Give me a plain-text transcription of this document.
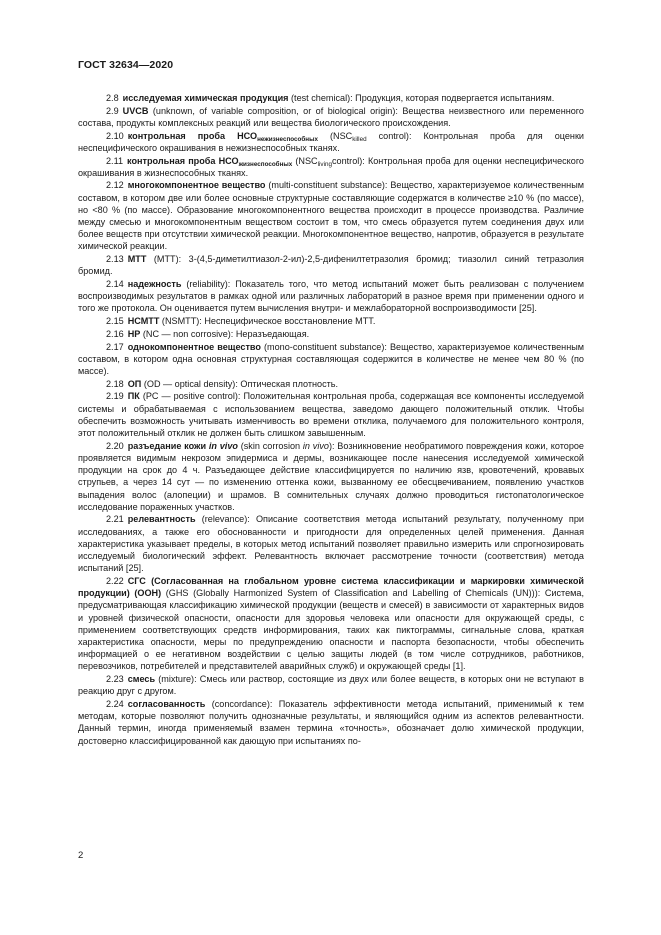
ГОСТ 32634—2020

2.8 исследуемая химическая продукция (test chemical): Продукция, которая подвергается испытаниям.

2.9 UVCB (unknown, of variable composition, or of biological origin): Вещества неизвестного или переменного состава, продукты комплексных реакций или вещества биологического происхождения.

2.10 контрольная проба $НСО_{нежизнеспособных}$ ($NSC_{killed}$ control): Контрольная проба для оценки неспецифического окрашивания в нежизнеспособных тканях.

2.11 контрольная проба $НСО_{жизнеспособных}$ $(NSC_{living}control)$: Контрольная проба для оценки неспецифического окрашивания в жизнеспособных тканях.

2.12 многокомпонентное вещество (multi-constituent substance): Вещество, характеризуемое количественным составом, в котором две или более основные структурные составляющие содержатся в количестве ≥10 % (по массе), но <80 % (по массе). Образование многокомпонентного вещества происходит в процессе производства. Различие между смесью и многокомпонентным веществом состоит в том, что смесь образуется путем соединения двух или более веществ при отсутствии химической реакции. Многокомпонентное вещество, напротив, образуется в результате химической реакции.

2.13 МТТ (MTT): 3-(4,5-диметилтиазол-2-ил)-2,5-дифенилтетразолия бромид; тиазолил синий тетразолия бромид.

2.14 надежность (reliability): Показатель того, что метод испытаний может быть реализован с получением воспроизводимых результатов в рамках одной или различных лабораторий в разное время при применении одного и того же протокола. Он оценивается путем вычисления внутри- и межлабораторной воспроизводимости [25].

2.15 НСМТТ (NSMTT): Неспецифическое восстановление МТТ.

2.16 НР (NC — non corrosive): Неразъедающая.

2.17 однокомпонентное вещество (mono-constituent substance): Вещество, характеризуемое количественным составом, в котором одна основная структурная составляющая содержится в количестве не менее чем 80 % (по массе).

2.18 ОП (OD — optical density): Оптическая плотность.

2.19 ПК (PC — positive control): Положительная контрольная проба, содержащая все компоненты исследуемой системы и обрабатываемая с использованием вещества, заведомо дающего положительный отклик. Чтобы обеспечить возможность учитывать изменчивость во времени отклика, получаемого для положительного контроля, этот положительный отклик не должен быть слишком завышенным.

2.20 разъедание кожи in vivo (skin corrosion in vivo): Возникновение необратимого повреждения кожи, которое проявляется видимым некрозом эпидермиса и дермы, возникающее после нанесения исследуемой химической продукции на срок до 4 ч. Разъедающее действие классифицируется по наличию язв, кровотечений, кровавых струпьев, а через 14 сут — по изменению оттенка кожи, вызванному ее обесцвечиванием, появлению участков выпадения волос (алопеции) и шрамов. В сомнительных случаях должно проводиться гистопатологическое исследование пораженных участков.

2.21 релевантность (relevance): Описание соответствия метода испытаний результату, полученному при исследованиях, а также его обоснованности и пригодности для определенных целей применения. Данная характеристика указывает пределы, в которых метод испытаний позволяет правильно измерить или спрогнозировать исследуемый биологический эффект. Релевантность включает рассмотрение точности (соответствия) метода испытаний [25].

2.22 СГС (Согласованная на глобальном уровне система классификации и маркировки химической продукции) (ООН) (GHS (Globally Harmonized System of Classification and Labelling of Chemicals (UN))): Система, предусматривающая классификацию химической продукции (веществ и смесей) в зависимости от характерных видов и уровней физической опасности, опасности для здоровья человека или опасности для окружающей среды, с применением соответствующих средств информирования, таких как пиктограммы, сигнальные слова, краткая характеристика опасности, меры по предупреждению опасности и паспорта безопасности, чтобы обеспечить информацией о ее негативном воздействии с целью защиты людей (в том числе сотрудников, работников, перевозчиков, потребителей и представителей аварийных служб) и окружающей среды [1].

2.23 смесь (mixture): Смесь или раствор, состоящие из двух или более веществ, в которых они не вступают в реакцию друг с другом.

2.24 согласованность (concordance): Показатель эффективности метода испытаний, применимый к тем методам, которые позволяют получить однозначные результаты, и являющийся одним из аспектов релевантности. Данный термин, иногда применяемый взамен термина «точность», обозначает долю химической продукции, достоверно классифицированной как дающую при испытаниях по-

2
